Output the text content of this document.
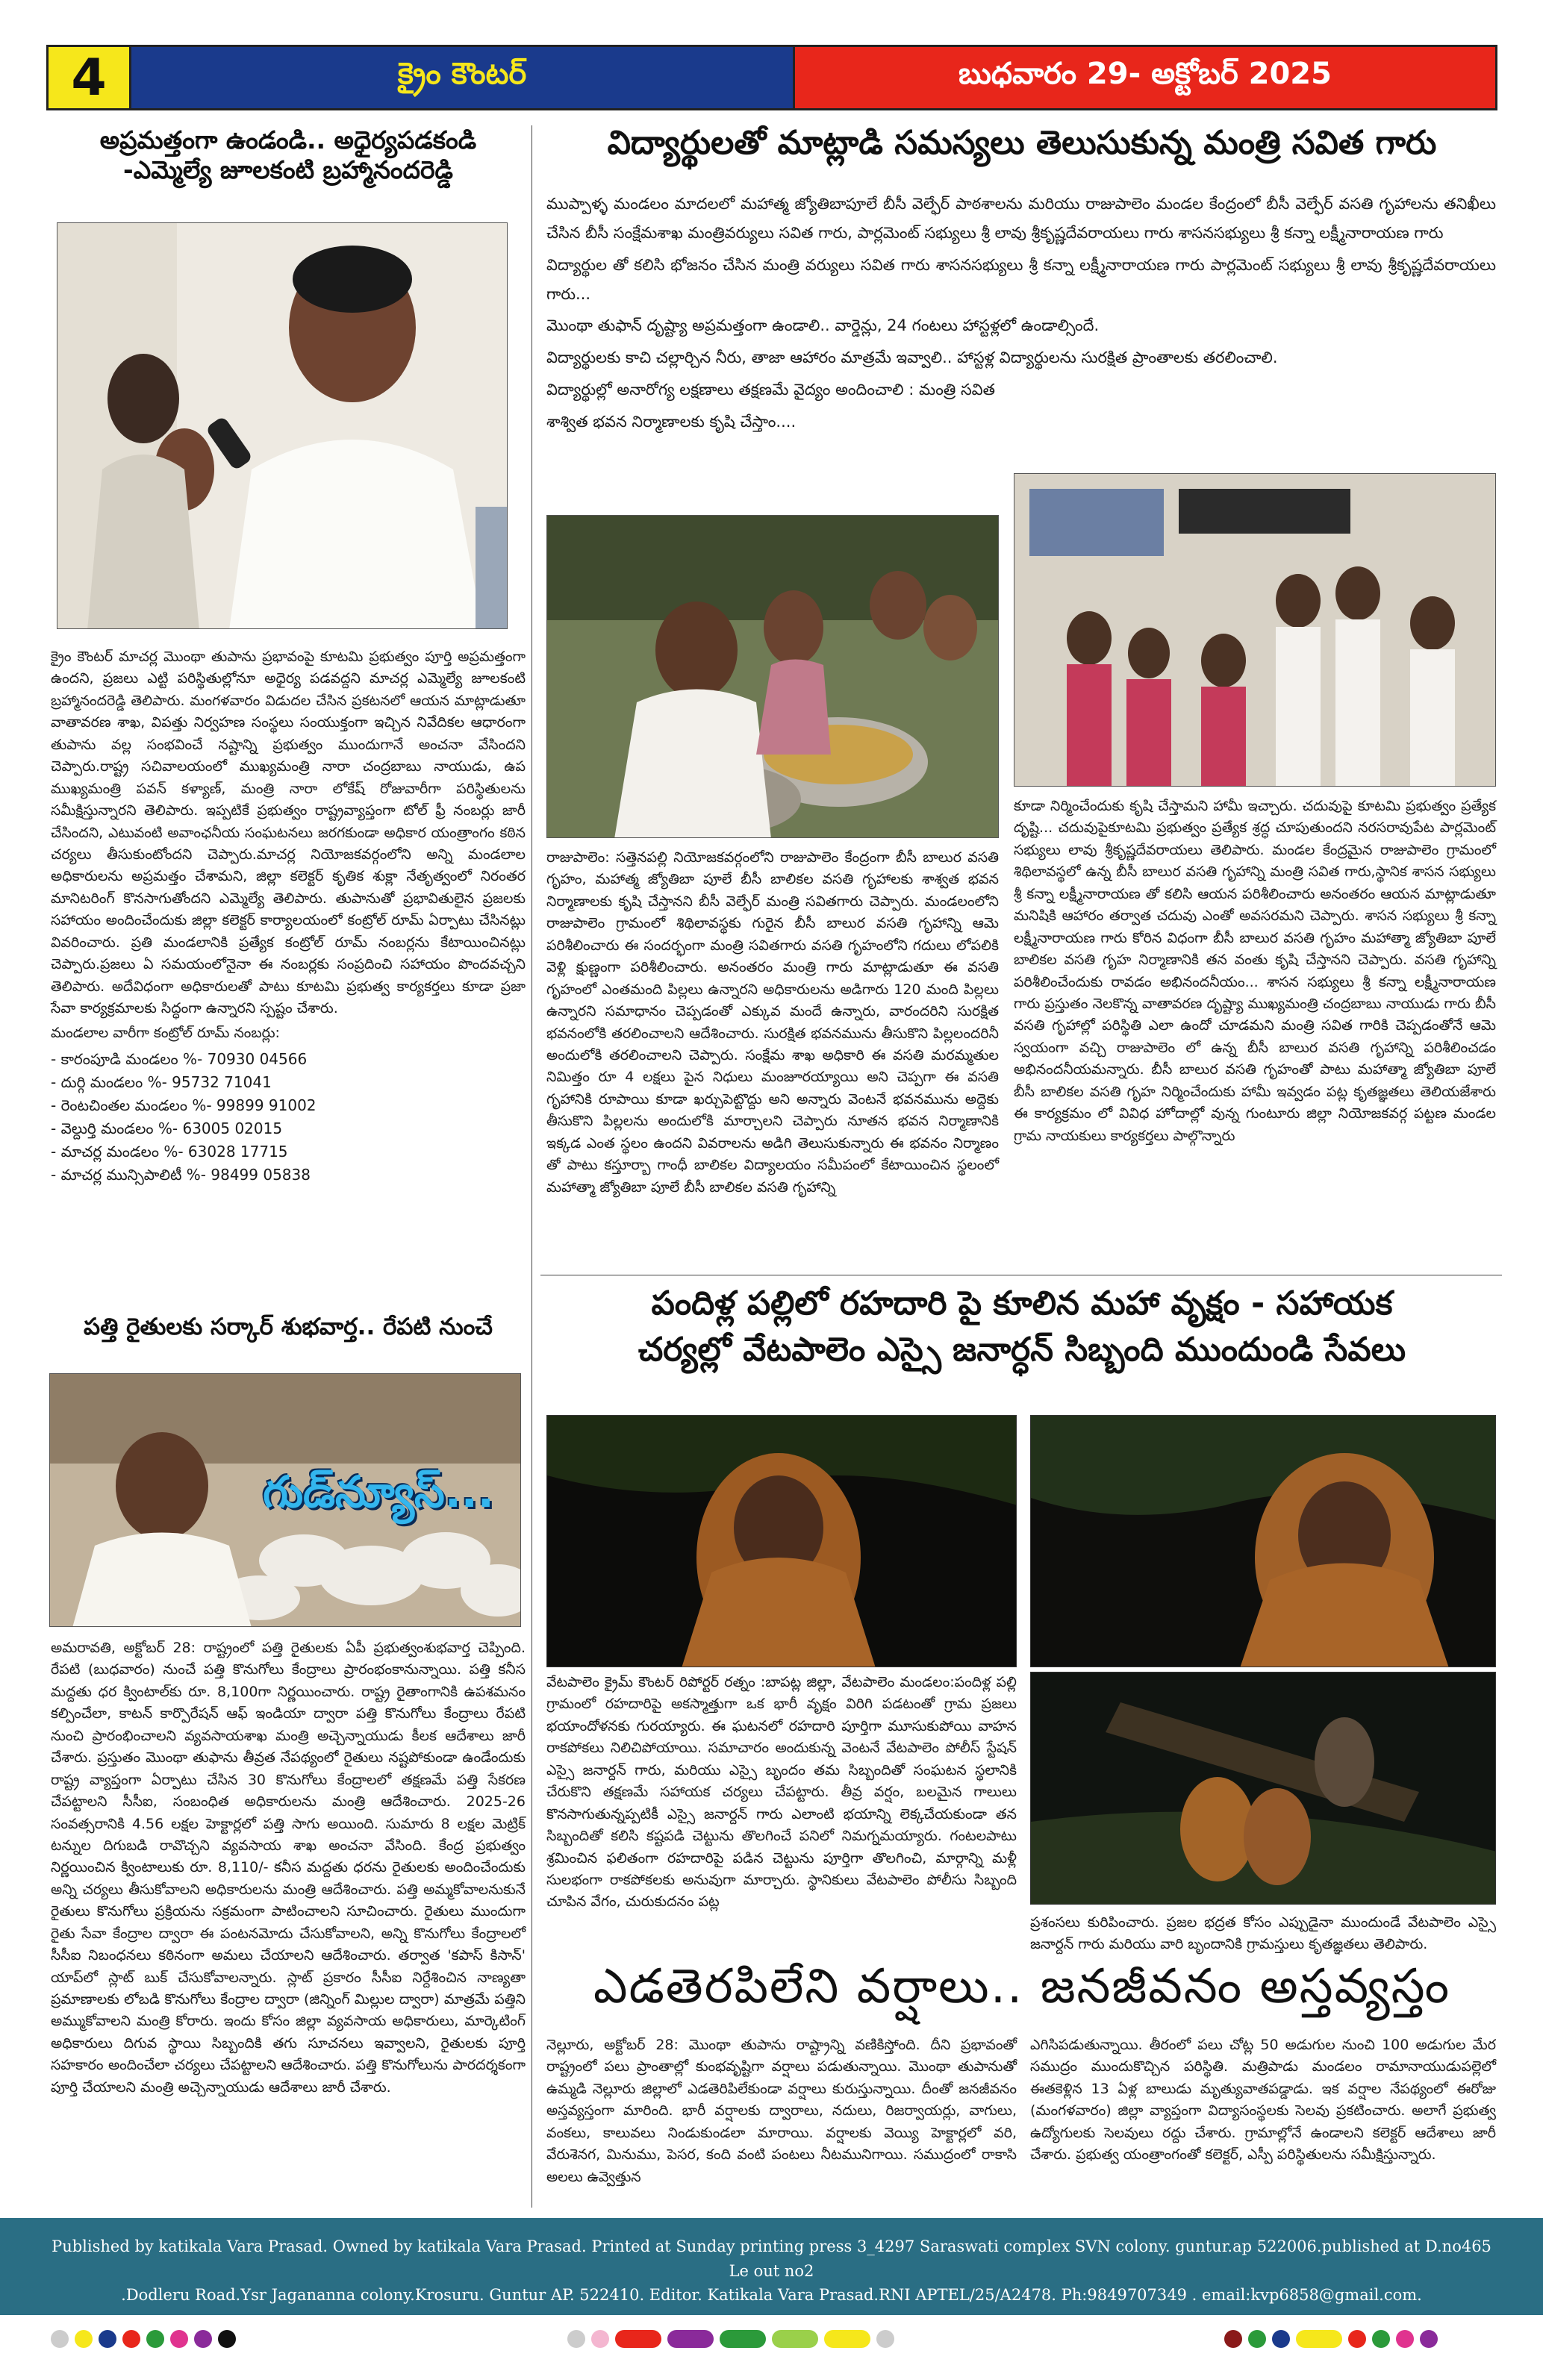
4	క్రైం కౌంటర్	బుధవారం 29- అక్టోబర్ 2025
అప్రమత్తంగా ఉండండి.. అధైర్యపడకండి
-ఎమ్మెల్యే జూలకంటి బ్రహ్మానందరెడ్డి

క్రైం కౌంటర్ మాచర్ల మొంథా తుపాను ప్రభావంపై కూటమి ప్రభుత్వం పూర్తి అప్రమత్తంగా ఉందని, ప్రజలు ఎట్టి పరిస్థితుల్లోనూ అధైర్య పడవద్దని మాచర్ల ఎమ్మెల్యే జూలకంటి బ్రహ్మానందరెడ్డి తెలిపారు. మంగళవారం విడుదల చేసిన ప్రకటనలో ఆయన మాట్లాడుతూ వాతావరణ శాఖ, విపత్తు నిర్వహణ సంస్థలు సంయుక్తంగా ఇచ్చిన నివేదికల ఆధారంగా తుపాను వల్ల సంభవించే నష్టాన్ని ప్రభుత్వం ముందుగానే అంచనా వేసిందని చెప్పారు.రాష్ట్ర సచివాలయంలో ముఖ్యమంత్రి నారా చంద్రబాబు నాయుడు, ఉప ముఖ్యమంత్రి పవన్ కళ్యాణ్, మంత్రి నారా లోకేష్ రోజువారీగా పరిస్థితులను సమీక్షిస్తున్నారని తెలిపారు. ఇప్పటికే ప్రభుత్వం రాష్ట్రవ్యాప్తంగా టోల్ ఫ్రీ నంబర్లు జారీ చేసిందని, ఎటువంటి అవాంఛనీయ సంఘటనలు జరగకుండా అధికార యంత్రాంగం కఠిన చర్యలు తీసుకుంటోందని చెప్పారు.మాచర్ల నియోజకవర్గంలోని అన్ని మండలాల అధికారులను అప్రమత్తం చేశామని, జిల్లా కలెక్టర్ కృతిక శుక్లా నేతృత్వంలో నిరంతర మానిటరింగ్ కొనసాగుతోందని ఎమ్మెల్యే తెలిపారు. తుపానుతో ప్రభావితులైన ప్రజలకు సహాయం అందించేందుకు జిల్లా కలెక్టర్ కార్యాలయంలో కంట్రోల్ రూమ్ ఏర్పాటు చేసినట్లు వివరించారు. ప్రతి మండలానికి ప్రత్యేక కంట్రోల్ రూమ్ నంబర్లను కేటాయించినట్లు చెప్పారు.ప్రజలు ఏ సమయంలోనైనా ఈ నంబర్లకు సంప్రదించి సహాయం పొందవచ్చని తెలిపారు. అదేవిధంగా అధికారులతో పాటు కూటమి ప్రభుత్వ కార్యకర్తలు కూడా ప్రజా సేవా కార్యక్రమాలకు సిద్ధంగా ఉన్నారని స్పష్టం చేశారు.

మండలాల వారీగా కంట్రోల్ రూమ్ నంబర్లు:

- కారంపూడి మండలం %- 70930 04566
- దుర్గి మండలం %- 95732 71041
- రెంటచింతల మండలం %- 99899 91002
- వెల్దుర్తి మండలం %- 63005 02015
- మాచర్ల మండలం %- 63028 17715
- మాచర్ల మున్సిపాలిటీ %- 98499 05838
పత్తి రైతులకు సర్కార్ శుభవార్త.. రేపటి నుంచే
గుడ్‌న్యూస్...

అమరావతి, అక్టోబర్ 28: రాష్ట్రంలో పత్తి రైతులకు ఏపీ ప్రభుత్వంశుభవార్త చెప్పింది. రేపటి (బుధవారం) నుంచే పత్తి కొనుగోలు కేంద్రాలు ప్రారంభంకానున్నాయి. పత్తి కనీస మద్దతు ధర క్వింటాల్‌కు రూ. 8,100గా నిర్ణయించారు. రాష్ట్ర రైతాంగానికి ఉపశమనం కల్పించేలా, కాటన్ కార్పొరేషన్ ఆఫ్ ఇండియా ద్వారా పత్తి కొనుగోలు కేంద్రాలు రేపటి నుంచి ప్రారంభించాలని వ్యవసాయశాఖ మంత్రి అచ్చెన్నాయుడు కీలక ఆదేశాలు జారీ చేశారు. ప్రస్తుతం మొంథా తుఫాను తీవ్రత నేపథ్యంలో రైతులు నష్టపోకుండా ఉండేందుకు రాష్ట్ర వ్యాప్తంగా ఏర్పాటు చేసిన 30 కొనుగోలు కేంద్రాలలో తక్షణమే పత్తి సేకరణ చేపట్టాలని సీసీఐ, సంబంధిత అధికారులను మంత్రి ఆదేశించారు. 2025-26 సంవత్సరానికి 4.56 లక్షల హెక్టార్లలో పత్తి సాగు అయింది. సుమారు 8 లక్షల మెట్రిక్ టన్నుల దిగుబడి రావొచ్చని వ్యవసాయ శాఖ అంచనా వేసింది. కేంద్ర ప్రభుత్వం నిర్ణయించిన క్వింటాలుకు రూ. 8,110/- కనీస మద్దతు ధరను రైతులకు అందించేందుకు అన్ని చర్యలు తీసుకోవాలని అధికారులను మంత్రి ఆదేశించారు. పత్తి అమ్మకోవాలనుకునే రైతులు కొనుగోలు ప్రక్రియను సక్రమంగా పాటించాలని సూచించారు. రైతులు ముందుగా రైతు సేవా కేంద్రాల ద్వారా ఈ పంటనమోదు చేసుకోవాలని, అన్ని కొనుగోలు కేంద్రాలలో సీసీఐ నిబంధనలు కఠినంగా అమలు చేయాలని ఆదేశించారు. తర్వాత 'కపాస్ కిసాన్' యాప్‌లో స్లాట్ బుక్ చేసుకోవాలన్నారు. స్లాట్ ప్రకారం సీసీఐ నిర్దేశించిన నాణ్యతా ప్రమాణాలకు లోబడి కొనుగోలు కేంద్రాల ద్వారా (జిన్నింగ్ మిల్లుల ద్వారా) మాత్రమే పత్తిని అమ్ముకోవాలని మంత్రి కోరారు. ఇందు కోసం జిల్లా వ్యవసాయ అధికారులు, మార్కెటింగ్ అధికారులు దిగువ స్థాయి సిబ్బందికి తగు సూచనలు ఇవ్వాలని, రైతులకు పూర్తి సహకారం అందించేలా చర్యలు చేపట్టాలని ఆదేశించారు. పత్తి కొనుగోలును పారదర్శకంగా పూర్తి చేయాలని మంత్రి అచ్చెన్నాయుడు ఆదేశాలు జారీ చేశారు.

విద్యార్థులతో మాట్లాడి సమస్యలు తెలుసుకున్న మంత్రి సవిత గారు

ముప్పాళ్ళ మండలం మాదలలో మహాత్మ జ్యోతిబాపూలే బీసీ వెల్ఫేర్ పాఠశాలను మరియు రాజుపాలెం మండల కేంద్రంలో బీసీ వెల్ఫేర్ వసతి గృహాలను తనిఖీలు చేసిన బీసీ సంక్షేమశాఖ మంత్రివర్యులు సవిత గారు, పార్లమెంట్ సభ్యులు శ్రీ లావు శ్రీకృష్ణదేవరాయలు గారు శాసనసభ్యులు శ్రీ కన్నా లక్ష్మీనారాయణ గారు

విద్యార్థుల తో కలిసి భోజనం చేసిన మంత్రి వర్యులు సవిత గారు శాసనసభ్యులు శ్రీ కన్నా లక్ష్మీనారాయణ గారు పార్లమెంట్ సభ్యులు శ్రీ లావు శ్రీకృష్ణదేవరాయలు గారు...

మొంథా తుఫాన్ దృష్ట్యా అప్రమత్తంగా ఉండాలి.. వార్డెన్లు, 24 గంటలు హాస్టళ్లలో ఉండాల్సిందే.

విద్యార్థులకు కాచి చల్లార్చిన నీరు, తాజా ఆహారం మాత్రమే ఇవ్వాలి.. హాస్టళ్ల విద్యార్థులను సురక్షిత ప్రాంతాలకు తరలించాలి.

విద్యార్థుల్లో అనారోగ్య లక్షణాలు తక్షణమే వైద్యం అందించాలి : మంత్రి సవిత

శాశ్విత భవన నిర్మాణాలకు కృషి చేస్తాం....

రాజుపాలెం: సత్తెనపల్లి నియోజకవర్గంలోని రాజుపాలెం కేంద్రంగా బీసీ బాలుర వసతి గృహం, మహాత్మ జ్యోతిబా పూలే బీసీ బాలికల వసతి గృహాలకు శాశ్వత భవన నిర్మాణాలకు కృషి చేస్తానని బీసీ వెల్ఫేర్ మంత్రి సవితగారు చెప్పారు. మండలంలోని రాజుపాలెం గ్రామంలో శిథిలావస్థకు గురైన బీసీ బాలుర వసతి గృహాన్ని ఆమె పరిశీలించారు ఈ సందర్భంగా మంత్రి సవితగారు వసతి గృహంలోని గదులు లోపలికి వెళ్లి క్షుణ్ణంగా పరిశీలించారు. అనంతరం మంత్రి గారు మాట్లాడుతూ ఈ వసతి గృహంలో ఎంతమంది పిల్లలు ఉన్నారని అధికారులను అడిగారు 120 మంది పిల్లలు ఉన్నారని సమాధానం చెప్పడంతో ఎక్కువ మందే ఉన్నారు, వారందరిని సురక్షిత భవనంలోకి తరలించాలని ఆదేశించారు. సురక్షిత భవనమును తీసుకొని పిల్లలందరినీ అందులోకి తరలించాలని చెప్పారు. సంక్షేమ శాఖ అధికారి ఈ వసతి మరమ్మతుల నిమిత్తం రూ 4 లక్షలు పైన నిధులు మంజూరయ్యాయి అని చెప్పగా ఈ వసతి గృహానికి రూపాయి కూడా ఖర్చుపెట్టొద్దు అని అన్నారు వెంటనే భవనమును అద్దెకు తీసుకొని పిల్లలను అందులోకి మార్చాలని చెప్పారు నూతన భవన నిర్మాణానికి ఇక్కడ ఎంత స్థలం ఉందని వివరాలను అడిగి తెలుసుకున్నారు ఈ భవనం నిర్మాణం తో పాటు కస్తూర్బా గాంధీ బాలికల విద్యాలయం సమీపంలో కేటాయించిన స్థలంలో మహాత్మా జ్యోతిబా పూలే బీసీ బాలికల వసతి గృహాన్ని

కూడా నిర్మించేందుకు కృషి చేస్తామని హామీ ఇచ్చారు. చదువుపై కూటమి ప్రభుత్వం ప్రత్యేక దృష్టి... చదువుపైకూటమి ప్రభుత్వం ప్రత్యేక శ్రద్ధ చూపుతుందని నరసరావుపేట పార్లమెంట్ సభ్యులు లావు శ్రీకృష్ణదేవరాయలు తెలిపారు. మండల కేంద్రమైన రాజుపాలెం గ్రామంలో శిథిలావస్థలో ఉన్న బీసీ బాలుర వసతి గృహాన్ని మంత్రి సవిత గారు,స్థానిక శాసన సభ్యులు శ్రీ కన్నా లక్ష్మీనారాయణ తో కలిసి ఆయన పరిశీలించారు అనంతరం ఆయన మాట్లాడుతూ మనిషికి ఆహారం తర్వాత చదువు ఎంతో అవసరమని చెప్పారు. శాసన సభ్యులు శ్రీ కన్నా లక్ష్మీనారాయణ గారు కోరిన విధంగా బీసీ బాలుర వసతి గృహం మహాత్మా జ్యోతిబా పూలే బాలికల వసతి గృహ నిర్మాణానికి తన వంతు కృషి చేస్తానని చెప్పారు. వసతి గృహాన్ని పరిశీలించేందుకు రావడం అభినందనీయం... శాసన సభ్యులు శ్రీ కన్నా లక్ష్మీనారాయణ గారు ప్రస్తుతం నెలకొన్న వాతావరణ దృష్ట్యా ముఖ్యమంత్రి చంద్రబాబు నాయుడు గారు బీసీ వసతి గృహాల్లో పరిస్థితి ఎలా ఉందో చూడమని మంత్రి సవిత గారికి చెప్పడంతోనే ఆమె స్వయంగా వచ్చి రాజుపాలెం లో ఉన్న బీసీ బాలుర వసతి గృహాన్ని పరిశీలించడం అభినందనీయమన్నారు. బీసీ బాలుర వసతి గృహంతో పాటు మహాత్మా జ్యోతిబా పూలే బీసీ బాలికల వసతి గృహ నిర్మించేందుకు హామీ ఇవ్వడం పట్ల కృతజ్ఞతలు తెలియజేశారు ఈ కార్యక్రమం లో వివిధ హోదాల్లో వున్న గుంటూరు జిల్లా నియోజకవర్గ పట్టణ మండల గ్రామ నాయకులు కార్యకర్తలు పాల్గొన్నారు

పందిళ్ల పల్లిలో రహదారి పై కూలిన మహా వృక్షం - సహాయక
చర్యల్లో వేటపాలెం ఎస్సై జనార్ధన్ సిబ్బంది ముందుండి సేవలు

వేటపాలెం క్రైమ్ కౌంటర్ రిపోర్టర్ రత్నం :బాపట్ల జిల్లా, వేటపాలెం మండలం:పందిళ్ల పల్లి గ్రామంలో రహదారిపై అకస్మాత్తుగా ఒక భారీ వృక్షం విరిగి పడటంతో గ్రామ ప్రజలు భయాందోళనకు గురయ్యారు. ఈ ఘటనలో రహదారి పూర్తిగా మూసుకుపోయి వాహన రాకపోకలు నిలిచిపోయాయి. సమాచారం అందుకున్న వెంటనే వేటపాలెం పోలీస్ స్టేషన్ ఎస్సై జనార్దన్ గారు, మరియు ఎస్సై బృందం తమ సిబ్బందితో సంఘటన స్థలానికి చేరుకొని తక్షణమే సహాయక చర్యలు చేపట్టారు. తీవ్ర వర్షం, బలమైన గాలులు కొనసాగుతున్నప్పటికీ ఎస్సై జనార్దన్ గారు ఎలాంటి భయాన్ని లెక్కచేయకుండా తన సిబ్బందితో కలిసి కష్టపడి చెట్టును తొలగించే పనిలో నిమగ్నమయ్యారు. గంటలపాటు శ్రమించిన ఫలితంగా రహదారిపై పడిన చెట్టును పూర్తిగా తొలగించి, మార్గాన్ని మళ్లీ సులభంగా రాకపోకలకు అనువుగా మార్చారు. స్థానికులు వేటపాలెం పోలీసు సిబ్బంది చూపిన వేగం, చురుకుదనం పట్ల

ప్రశంసలు కురిపించారు. ప్రజల భద్రత కోసం ఎప్పుడైనా ముందుండే వేటపాలెం ఎస్సై జనార్దన్ గారు మరియు వారి బృందానికి గ్రామస్తులు కృతజ్ఞతలు తెలిపారు.

ఎడతెరపిలేని వర్షాలు.. జనజీవనం అస్తవ్యస్తం

నెల్లూరు, అక్టోబర్ 28: మొంథా తుపాను రాష్ట్రాన్ని వణికిస్తోంది. దీని ప్రభావంతో రాష్ట్రంలో పలు ప్రాంతాల్లో కుంభవృష్టిగా వర్షాలు పడుతున్నాయి. మొంథా తుపానుతో ఉమ్మడి నెల్లూరు జిల్లాలో ఎడతెరిపిలేకుండా వర్షాలు కురుస్తున్నాయి. దీంతో జనజీవనం అస్తవ్యస్తంగా మారింది. భారీ వర్షాలకు ద్వారాలు, నదులు, రిజర్వాయర్లు, వాగులు, వంకలు, కాలువలు నిండుకుండలా మారాయి. వర్షాలకు వెయ్యి హెక్టార్లలో వరి, వేరుశెనగ, మినుము, పెసర, కంది వంటి పంటలు నీటమునిగాయి. సముద్రంలో రాకాసి అలలు ఉవ్వెత్తున

ఎగిసిపడుతున్నాయి. తీరంలో పలు చోట్ల 50 అడుగుల నుంచి 100 అడుగుల మేర సముద్రం ముందుకొచ్చిన పరిస్థితి. మత్రిపాడు మండలం రామానాయుడుపల్లెలో ఈతకెళ్లిన 13 ఏళ్ల బాలుడు మృత్యువాతపడ్డాడు. ఇక వర్షాల నేపథ్యంలో ఈరోజు (మంగళవారం) జిల్లా వ్యాప్తంగా విద్యాసంస్థలకు సెలవు ప్రకటించారు. అలాగే ప్రభుత్వ ఉద్యోగులకు సెలవులు రద్దు చేశారు. గ్రామాల్లోనే ఉండాలని కలెక్టర్ ఆదేశాలు జారీ చేశారు. ప్రభుత్వ యంత్రాంగంతో కలెక్టర్, ఎస్పీ పరిస్థితులను సమీక్షిస్తున్నారు.

Published by katikala Vara Prasad. Owned by katikala Vara Prasad. Printed at Sunday printing press 3_4297 Saraswati complex SVN colony. guntur.ap 522006.published at D.no465 Le out no2
.Dodleru Road.Ysr Jagananna colony.Krosuru. Guntur AP. 522410. Editor. Katikala Vara Prasad.RNI APTEL/25/A2478. Ph:9849707349 . email:kvp6858@gmail.com.
